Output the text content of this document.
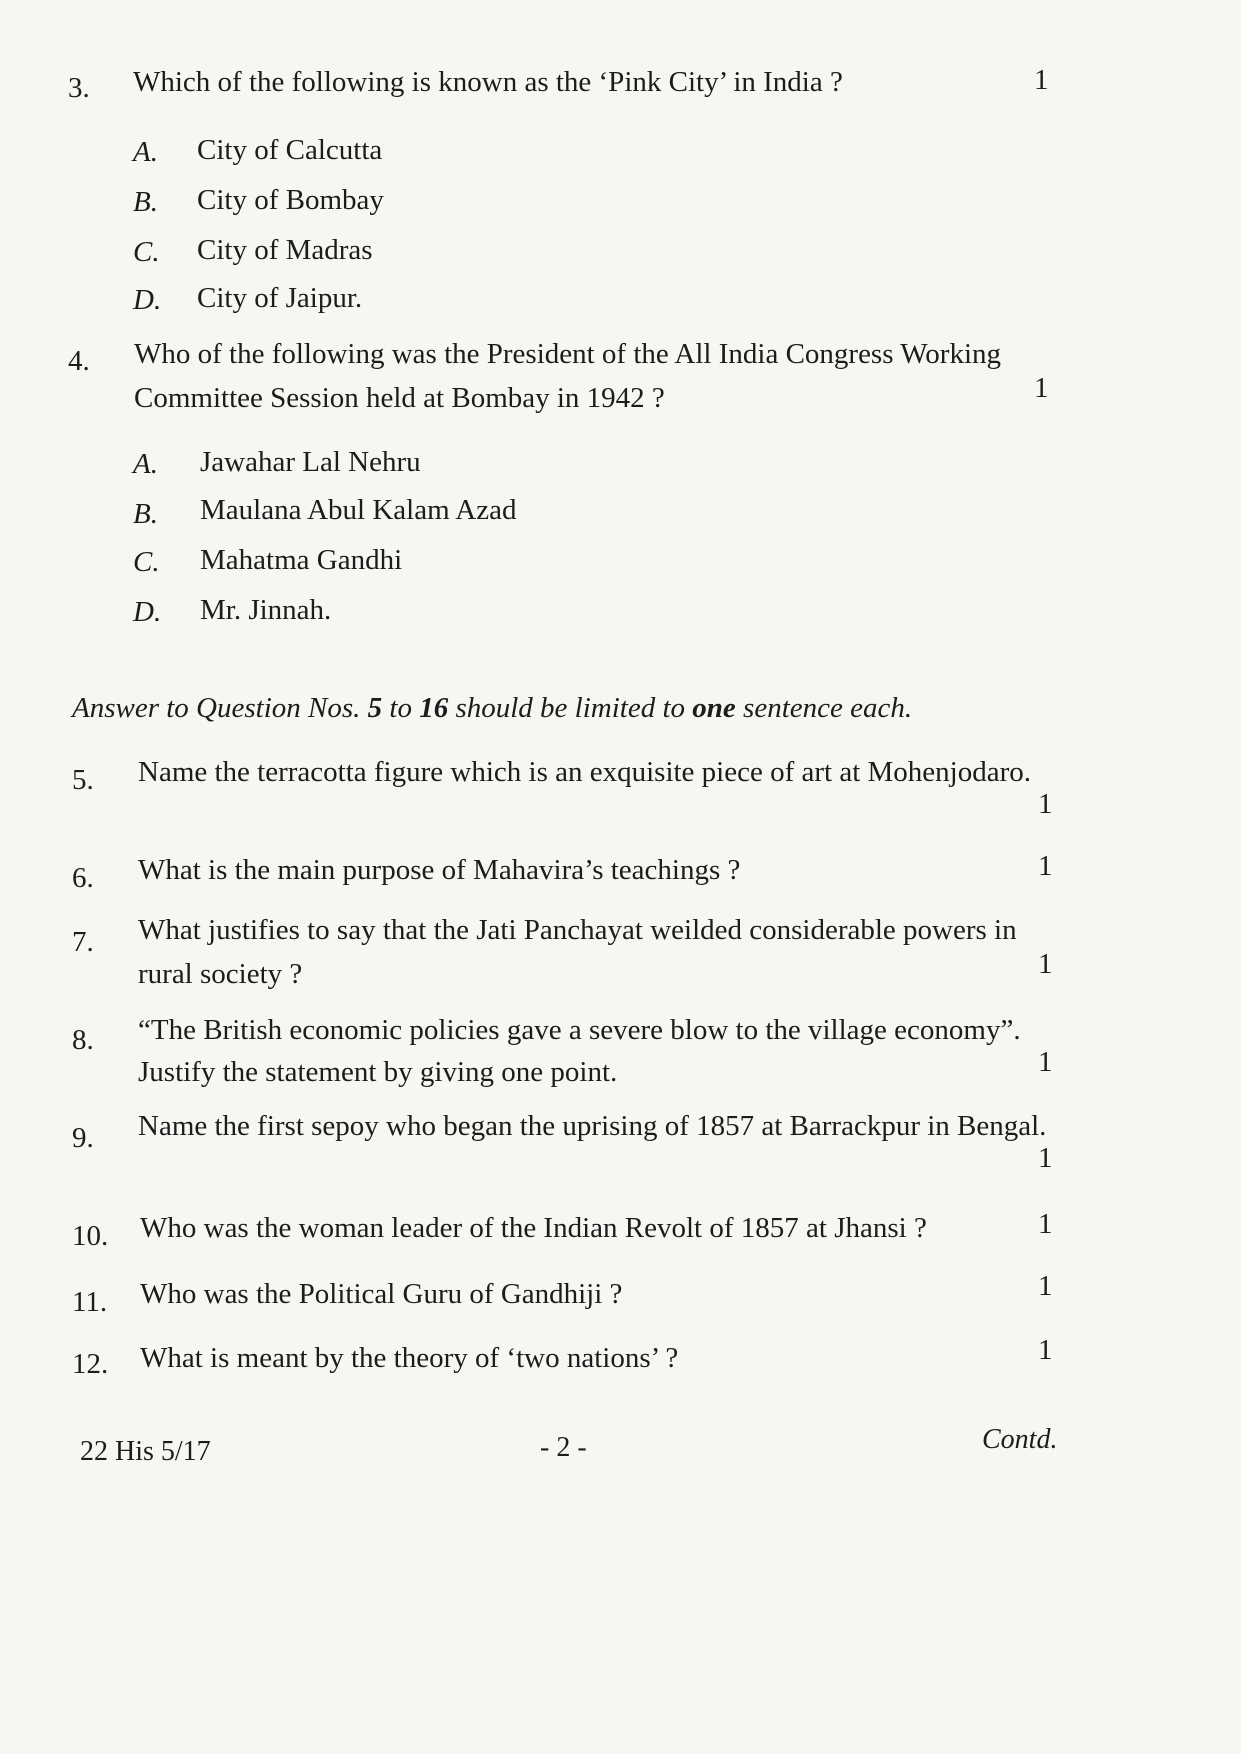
3. Which of the following is known as the ‘Pink City’ in India ?	1
A. City of Calcutta
B. City of Bombay
C. City of Madras
D. City of Jaipur.
4. Who of the following was the President of the All India Congress Working
Committee Session held at Bombay in 1942 ?	1
A. Jawahar Lal Nehru
B. Maulana Abul Kalam Azad
C. Mahatma Gandhi
D. Mr. Jinnah.
Answer to Question Nos. 5 to 16 should be limited to one sentence each.
5. Name the terracotta figure which is an exquisite piece of art at Mohenjodaro.
1
6. What is the main purpose of Mahavira’s teachings ?	1
7. What justifies to say that the Jati Panchayat weilded considerable powers in
rural society ?	1
8. “The British economic policies gave a severe blow to the village economy”.
Justify the statement by giving one point.	1
9. Name the first sepoy who began the uprising of 1857 at Barrackpur in Bengal.
1
10. Who was the woman leader of the Indian Revolt of 1857 at Jhansi ?	1
11. Who was the Political Guru of Gandhiji ?	1
12. What is meant by the theory of ‘two nations’ ?	1
22 His 5/17	- 2 -	Contd.
